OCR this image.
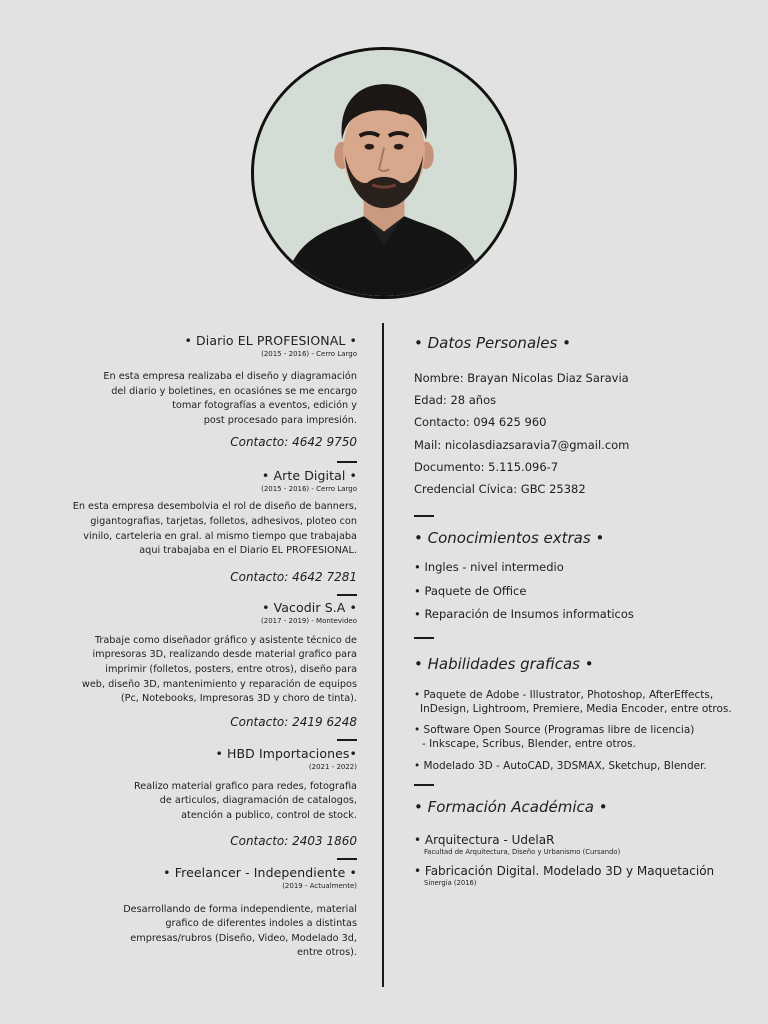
• Diario EL PROFESIONAL •
(2015 - 2016) - Cerro Largo
En esta empresa realizaba el diseño y diagramación
del diario y boletines, en ocasiónes se me encargo
tomar fotografías a eventos, edición y
post procesado para impresión.
Contacto: 4642 9750
• Arte Digital •
(2015 - 2016) - Cerro Largo
En esta empresa desembolvia el rol de diseño de banners,
gigantografias, tarjetas, folletos, adhesivos, ploteo con
vinilo, carteleria en gral. al mismo tiempo que trabajaba
aqui trabajaba en el Diario EL PROFESIONAL.
Contacto: 4642 7281
• Vacodir S.A •
(2017 - 2019) - Montevideo
Trabaje como diseñador gráfico y asistente técnico de
impresoras 3D, realizando desde material grafico para
imprimir (folletos, posters, entre otros), diseño para
web, diseño 3D, mantenimiento y reparación de equipos
(Pc, Notebooks, Impresoras 3D y choro de tinta).
Contacto: 2419 6248
• HBD Importaciones•
(2021 - 2022)
Realizo material grafico para redes, fotografia
de articulos, diagramación de catalogos,
atención a publico, control de stock.
Contacto: 2403 1860
• Freelancer - Independiente •
(2019 - Actualmente)
Desarrollando de forma independiente, material
grafico de diferentes indoles a distintas
empresas/rubros (Diseño, Video, Modelado 3d,
entre otros).
• Datos Personales •
Nombre: Brayan Nicolas Diaz Saravia
Edad: 28 años
Contacto: 094 625 960
Mail: nicolasdiazsaravia7@gmail.com
Documento: 5.115.096-7
Credencial Cívica: GBC 25382
• Conocimientos extras •
• Ingles - nivel intermedio
• Paquete de Office
• Reparación de Insumos informaticos
• Habilidades graficas •
• Paquete de Adobe - Illustrator, Photoshop, AfterEffects,
InDesign, Lightroom, Premiere, Media Encoder, entre otros.
• Software Open Source (Programas libre de licencia)
- Inkscape, Scribus, Blender, entre otros.
• Modelado 3D - AutoCAD, 3DSMAX, Sketchup, Blender.
• Formación Académica •
• Arquitectura - UdelaR
Facultad de Arquitectura, Diseño y Urbanismo (Cursando)
• Fabricación Digital. Modelado 3D y Maquetación
Sinergia (2016)
